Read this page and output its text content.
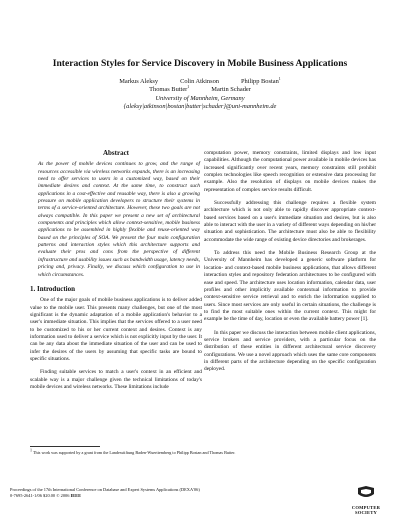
Interaction Styles for Service Discovery in Mobile Business Applications
Markus Aleksy	Colin Atkinson	Philipp Bostan$^1$
Thomas Butter$^1$	Martin Schader
University of Mannheim, Germany
{aleksy|atkinson|bostan|butter|schader}@uni-mannheim.de
Abstract
As the power of mobile devices continues to grow, and the range of resources accessible via wireless networks expands, there is an increasing need to offer services to users in a customized way, based on their immediate desires and context. At the same time, to construct such applications in a cost-effective and reusable way, there is also a growing pressure on mobile application developers to structure their systems in terms of a service-oriented architecture. However, these two goals are not always compatible. In this paper we present a new set of architectural components and principles which allow context-sensitive, mobile business applications to be assembled in highly flexible and reuse-oriented way based on the principles of SOA. We present the four main configuration patterns and interaction styles which this architecture supports and evaluate their pros and cons from the perspective of different infrastructure and usability issues such as bandwidth usage, latency needs, pricing and, privacy. Finally, we discuss which configuration to use in which circumstances.
1. Introduction

One of the major goals of mobile business applications is to deliver added value to the mobile user. This presents many challenges, but one of the most significant is the dynamic adaptation of a mobile application's behavior to a user's immediate situation. This implies that the services offered to a user need to be customized to his or her current context and desires. Context is any information used to deliver a service which is not explicitly input by the user. It can be any data about the immediate situation of the user and can be used to infer the desires of the users by assuming that specific tasks are bound to specific situations.

Finding suitable services to match a user's context in an efficient and scalable way is a major challenge given the technical limitations of today's mobile devices and wireless networks. These limitations include

computation power, memory constraints, limited displays and low input capabilities. Although the computational power available in mobile devices has increased significantly over recent years, memory constraints still prohibit complex technologies like speech recognition or extensive data processing for example. Also the resolution of displays on mobile devices makes the representation of complex service results difficult.

Successfully addressing this challenge requires a flexible system architecture which is not only able to rapidly discover appropriate context-based services based on a user's immediate situation and desires, but is also able to interact with the user in a variety of different ways depending on his/her situation and sophistication. The architecture must also be able to flexibility accommodate the wide range of existing device directories and brokerages.

To address this need the Mobile Business Research Group at the University of Mannheim has developed a generic software platform for location- and context-based mobile business applications, that allows different interaction styles and repository federation architectures to be configured with ease and speed. The architecture uses location information, calendar data, user profiles and other implicitly available contextual information to provide context-sensitive service retrieval and to enrich the information supplied to users. Since most services are only useful in certain situations, the challenge is to find the most suitable ones within the current context. This might for example be the time of day, location or even the available battery power [1].

In this paper we discuss the interaction between mobile client applications, service brokers and service providers, with a particular focus on the distribution of these entities in different architectural service discovery configurations. We use a novel approach which uses the same core components in different parts of the architecture depending on the specific configuration deployed.

$^1$ This work was supported by a grant from the Landesstiftung Baden-Wuerttemberg to Philipp Bostan and Thomas Butter.
Proceedings of the 17th International Conference on Database and Expert Systems Applications (DEXA'06)
0-7695-2641-1/06 $20.00 © 2006 IEEE
COMPUTER
SOCIETY
